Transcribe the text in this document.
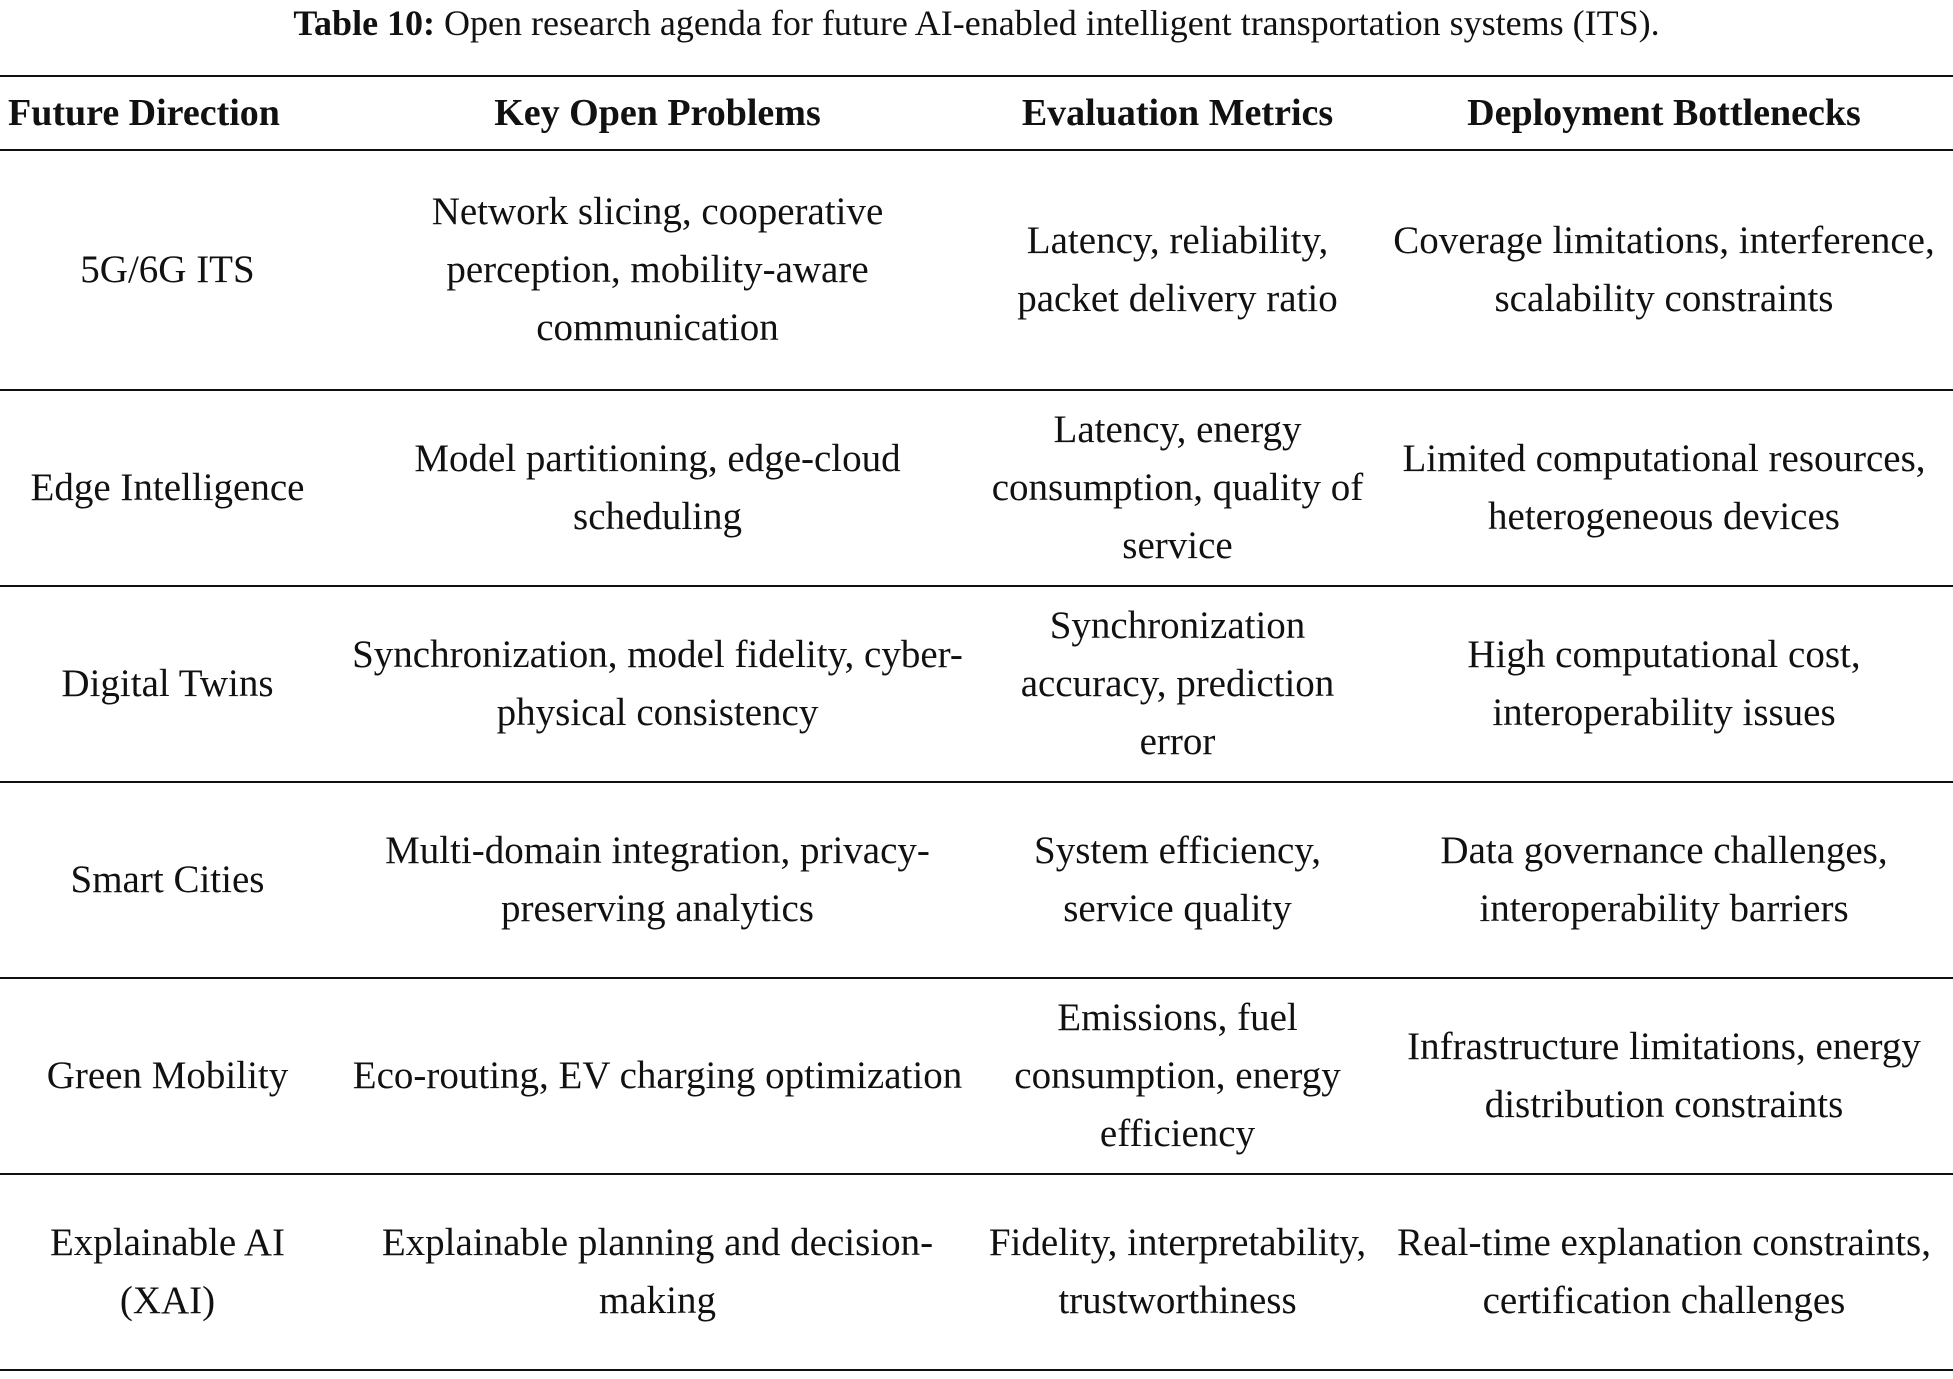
Table 10: Open research agenda for future AI-enabled intelligent transportation systems (ITS).
Future Direction	Key Open Problems	Evaluation Metrics	Deployment Bottlenecks
5G/6G ITS	Network slicing, cooperative perception, mobility-aware communication	Latency, reliability, packet delivery ratio	Coverage limitations, interference, scalability constraints
Edge Intelligence	Model partitioning, edge-cloud scheduling	Latency, energy consumption, quality of service	Limited computational resources, heterogeneous devices
Digital Twins	Synchronization, model fidelity, cyber-physical consistency	Synchronization accuracy, prediction error	High computational cost, interoperability issues
Smart Cities	Multi-domain integration, privacy-preserving analytics	System efficiency, service quality	Data governance challenges, interoperability barriers
Green Mobility	Eco-routing, EV charging optimization	Emissions, fuel consumption, energy efficiency	Infrastructure limitations, energy distribution constraints
Explainable AI (XAI)	Explainable planning and decision-making	Fidelity, interpretability, trustworthiness	Real-time explanation constraints, certification challenges
